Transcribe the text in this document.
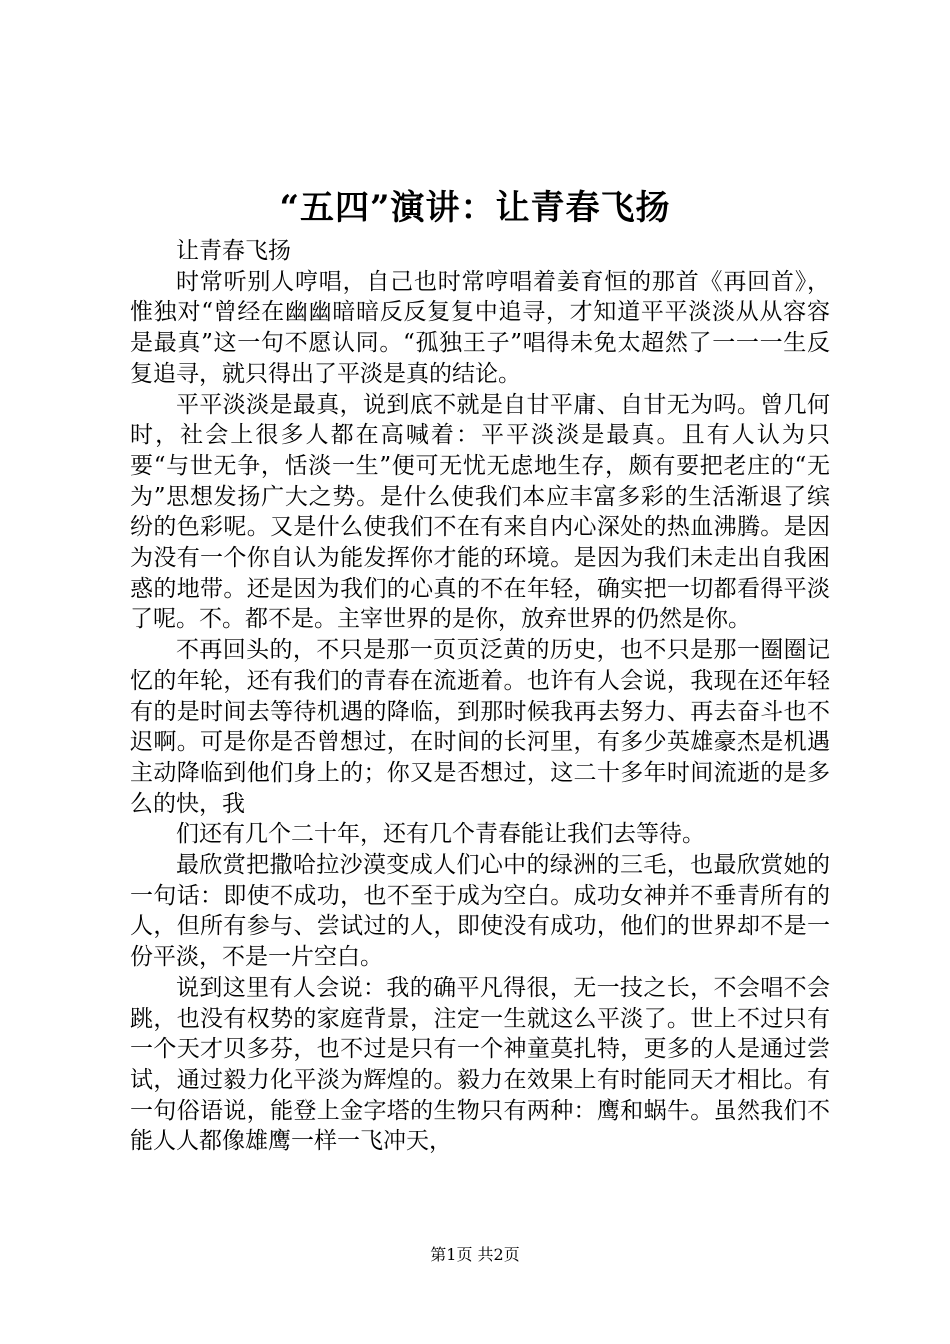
“五四”演讲：让青春飞扬

让青春飞扬

时常听别人哼唱，自己也时常哼唱着姜育恒的那首《再回首》，惟独对“曾经在幽幽暗暗反反复复中追寻，才知道平平淡淡从从容容是最真”这一句不愿认同。“孤独王子”唱得未免太超然了一一一生反复追寻，就只得出了平淡是真的结论。

平平淡淡是最真，说到底不就是自甘平庸、自甘无为吗。曾几何时，社会上很多人都在高喊着：平平淡淡是最真。且有人认为只要“与世无争，恬淡一生”便可无忧无虑地生存，颇有要把老庄的“无为”思想发扬广大之势。是什么使我们本应丰富多彩的生活渐退了缤纷的色彩呢。又是什么使我们不在有来自内心深处的热血沸腾。是因为没有一个你自认为能发挥你才能的环境。是因为我们未走出自我困惑的地带。还是因为我们的心真的不在年轻，确实把一切都看得平淡了呢。不。都不是。主宰世界的是你，放弃世界的仍然是你。

不再回头的，不只是那一页页泛黄的历史，也不只是那一圈圈记忆的年轮，还有我们的青春在流逝着。也许有人会说，我现在还年轻有的是时间去等待机遇的降临，到那时候我再去努力、再去奋斗也不迟啊。可是你是否曾想过，在时间的长河里，有多少英雄豪杰是机遇主动降临到他们身上的；你又是否想过，这二十多年时间流逝的是多么的快，我

们还有几个二十年，还有几个青春能让我们去等待。

最欣赏把撒哈拉沙漠变成人们心中的绿洲的三毛，也最欣赏她的一句话：即使不成功，也不至于成为空白。成功女神并不垂青所有的人，但所有参与、尝试过的人，即使没有成功，他们的世界却不是一份平淡，不是一片空白。

说到这里有人会说：我的确平凡得很，无一技之长，不会唱不会跳，也没有权势的家庭背景，注定一生就这么平淡了。世上不过只有一个天才贝多芬，也不过是只有一个神童莫扎特，更多的人是通过尝试，通过毅力化平淡为辉煌的。毅力在效果上有时能同天才相比。有一句俗语说，能登上金字塔的生物只有两种：鹰和蜗牛。虽然我们不能人人都像雄鹰一样一飞冲天，

第1页 共2页
